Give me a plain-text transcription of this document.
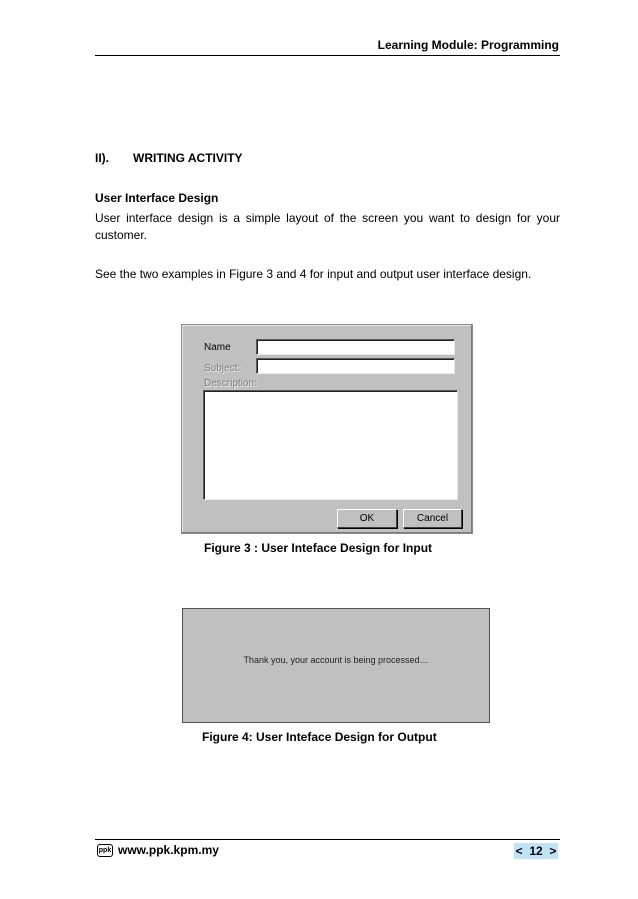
Learning Module: Programming
II). WRITING ACTIVITY
User Interface Design
User interface design is a simple layout of the screen you want to design for your customer.
See the two examples in Figure 3 and 4 for input and output user interface design.
Name
Subject:
Description:
OK	Cancel
Figure 3 : User Inteface Design for Input
Thank you, your account is being processed…
Figure 4: User Inteface Design for Output
ppk www.ppk.kpm.my	< 12 >
